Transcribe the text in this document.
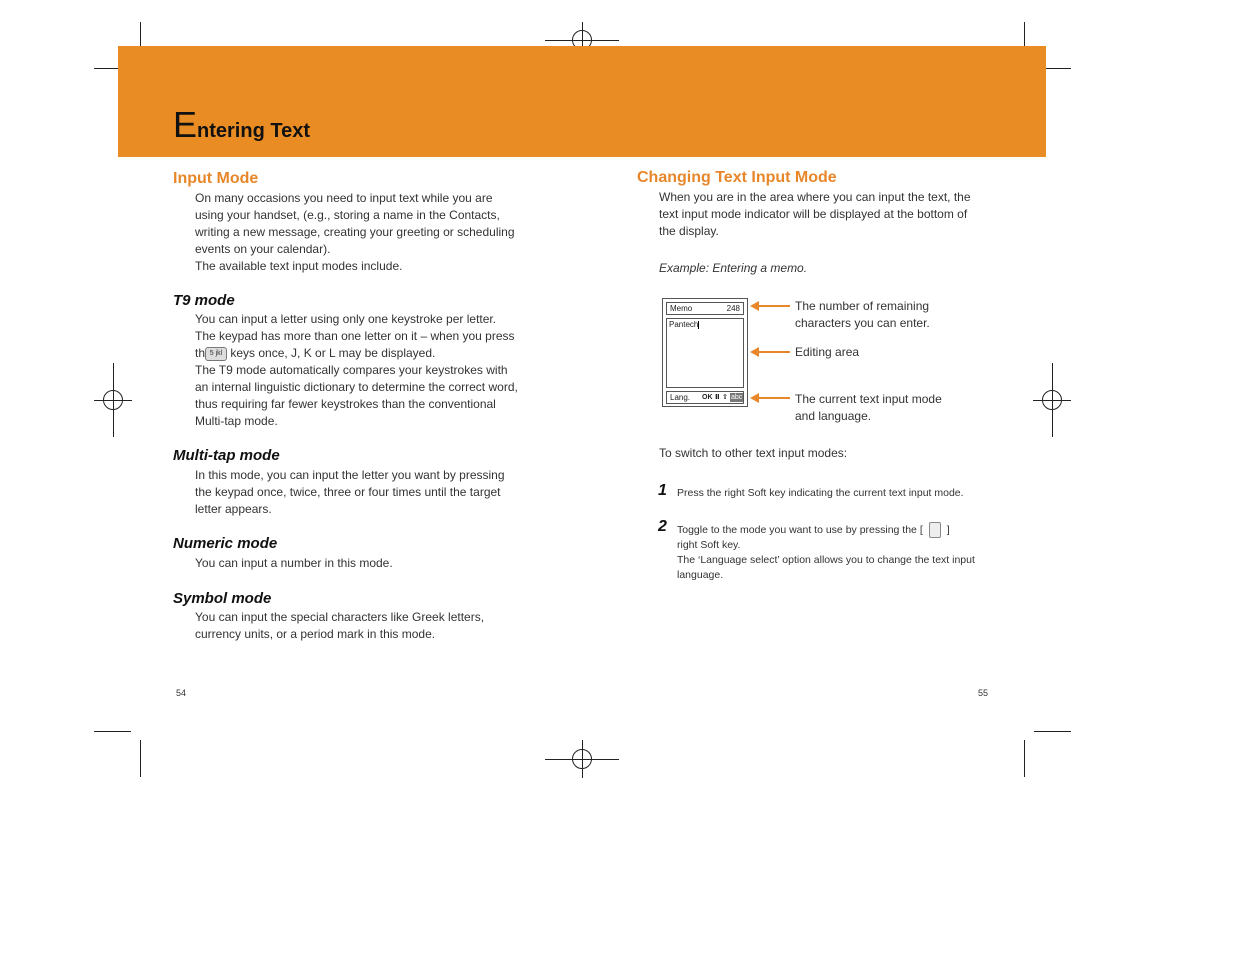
Entering Text
Input Mode

On many occasions you need to input text while you are

using your handset, (e.g., storing a name in the Contacts,

writing a new message, creating your greeting or scheduling

events on your calendar).

The available text input modes include.

T9 mode

You can input a letter using only one keystroke per letter.

The keypad has more than one letter on it – when you press

th 5 jkl keys once, J, K or L may be displayed.

The T9 mode automatically compares your keystrokes with

an internal linguistic dictionary to determine the correct word,

thus requiring far fewer keystrokes than the conventional

Multi-tap mode.

Multi-tap mode

In this mode, you can input the letter you want by pressing

the keypad once, twice, three or four times until the target

letter appears.

Numeric mode

You can input a number in this mode.

Symbol mode

You can input the special characters like Greek letters,

currency units, or a period mark in this mode.

54
Changing Text Input Mode

When you are in the area where you can input the text, the

text input mode indicator will be displayed at the bottom of

the display.

Example: Entering a memo.
Memo	248
Pantech
Lang. OK Ⅱ ⇧ abc

The number of remaining

characters you can enter.

Editing area

The current text input mode

and language.

To switch to other text input modes:
1 Press the right Soft key indicating the current text input mode.
2 Toggle to the mode you want to use by pressing the [ ]

right Soft key.

The ‘Language select’ option allows you to change the text input

language.

55
